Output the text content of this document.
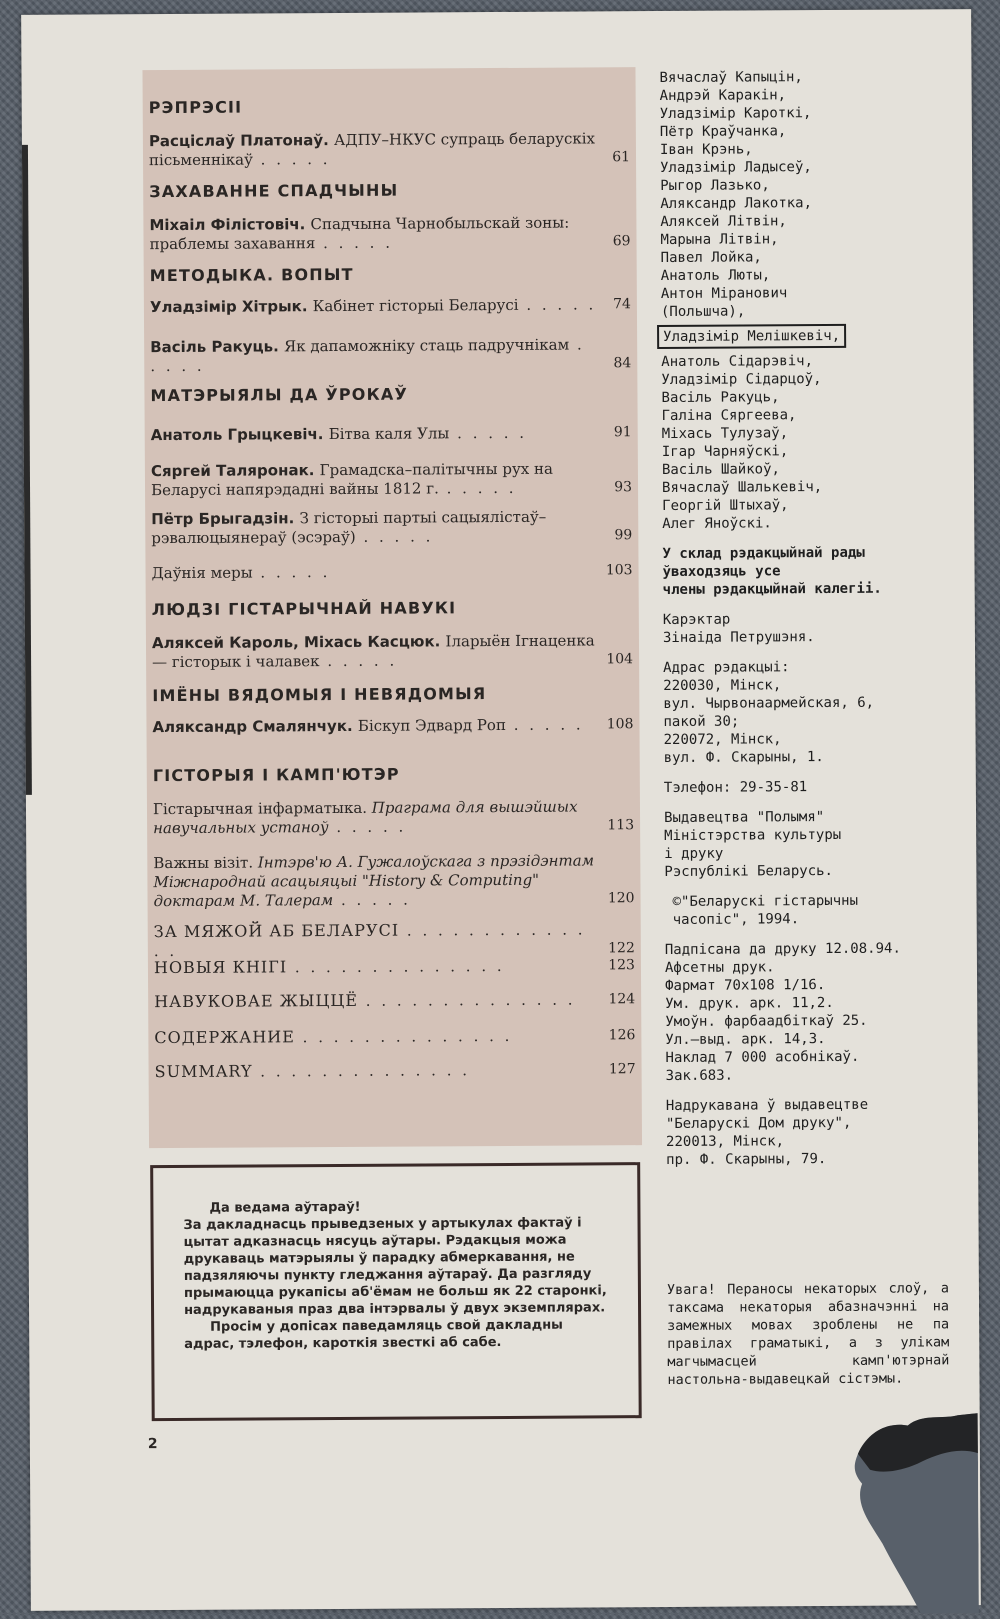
РЭПРЭСІІ
Расціслаў Платонаў. АДПУ–НКУС супраць беларускіх пісьменнікаў . . . . .	61
ЗАХАВАННЕ СПАДЧЫНЫ
Міхаіл Філістовіч. Спадчына Чарнобыльскай зоны: праблемы захавання . . . . .	69
МЕТОДЫКА. ВОПЫТ
Уладзімір Хітрык. Кабінет гісторыі Беларусі . . . . . 74
Васіль Ракуць. Як дапаможніку стаць падручнікам . . . . .	84
МАТЭРЫЯЛЫ ДА ЎРОКАЎ
Анатоль Грыцкевіч. Бітва каля Улы . . . . .	91
Сяргей Таляронак. Грамадска–палітычны рух на Беларусі напярэдадні вайны 1812 г. . . . . .	93
Пётр Брыгадзін. З гісторыі партыі сацыялістаў–рэвалюцыянераў (эсэраў) . . . . .	99
Даўнія меры . . . . .	103
ЛЮДЗІ ГІСТАРЫЧНАЙ НАВУКІ
Аляксей Кароль, Міхась Касцюк. Іларыён Ігнаценка — гісторык і чалавек . . . . .	104
ІМЁНЫ ВЯДОМЫЯ І НЕВЯДОМЫЯ
Аляксандр Смалянчук. Біскуп Эдвард Роп . . . . . 108
ГІСТОРЫЯ І КАМП'ЮТЭР
Гістарычная інфарматыка. Праграма для вышэйшых навучальных устаноў . . . . .	113
Важны візіт. Інтэрв'ю А. Гужалоўскага з прэзідэнтам Міжнароднай асацыяцыі "History & Computing" доктарам М. Талерам . . . . .	120
ЗА МЯЖОЙ АБ БЕЛАРУСІ . . . . . . . . . . . . . .	122
НОВЫЯ КНІГІ . . . . . . . . . . . . . .	123
НАВУКОВАЕ ЖЫЦЦЁ . . . . . . . . . . . . . . 124
СОДЕРЖАНИЕ . . . . . . . . . . . . . .	126
SUMMARY . . . . . . . . . . . . . .	127
Вячаслаў Капыцін,
Андрэй Каракін,
Уладзімір Кароткі,
Пётр Краўчанка,
Іван Крэнь,
Уладзімір Ладысеў,
Рыгор Лазько,
Аляксандр Лакотка,
Аляксей Літвін,
Марына Літвін,
Павел Лойка,
Анатоль Люты,
Антон Міранович
(Польшча),
Уладзімір Мелішкевіч,
Анатоль Сідарэвіч,
Уладзімір Сідарцоў,
Васіль Ракуць,
Галіна Сяргеева,
Міхась Тулузаў,
Ігар Чарняўскі,
Васіль Шайкоў,
Вячаслаў Шалькевіч,
Георгій Штыхаў,
Алег Яноўскі.
У склад рэдакцыйнай рады
ўваходзяць усе
члены рэдакцыйнай калегіі.
Карэктар
Зінаіда Петрушэня.
Адрас рэдакцыі:
220030, Мінск,
вул. Чырвонаармейская, 6,
пакой 30;
220072, Мінск,
вул. Ф. Скарыны, 1.
Тэлефон: 29-35-81
Выдавецтва "Полымя"
Міністэрства культуры
і друку
Рэспублікі Беларусь.
©"Беларускі гістарычны
часопіс", 1994.
Падпісана да друку 12.08.94.
Афсетны друк.
Фармат 70x108 1/16.
Ум. друк. арк. 11,2.
Умоўн. фарбаадбіткаў 25.
Ул.–выд. арк. 14,3.
Наклад 7 000 асобнікаў.
Зак.683.
Надрукавана ў выдавецтве
"Беларускі Дом друку",
220013, Мінск,
пр. Ф. Скарыны, 79.
Увага! Пераносы некаторых слоў, а таксама некаторыя абазначэнні на замежных мовах зроблены не па правілах граматыкі, а з улікам магчымасцей камп'ютэрнай настольна-выдавецкай сістэмы.

Да ведама аўтараў!

За дакладнасць прыведзеных у артыкулах фактаў і цытат адказнасць нясуць аўтары. Рэдакцыя можа друкаваць матэрыялы ў парадку абмеркавання, не падзяляючы пункту гледжання аўтараў. Да разгляду прымаюцца рукапісы аб'ёмам не больш як 22 старонкі, надрукаваныя праз два інтэрвалы ў двух экземплярах.

Просім у допісах паведамляць свой дакладны адрас, тэлефон, кароткія звесткі аб сабе.

2
